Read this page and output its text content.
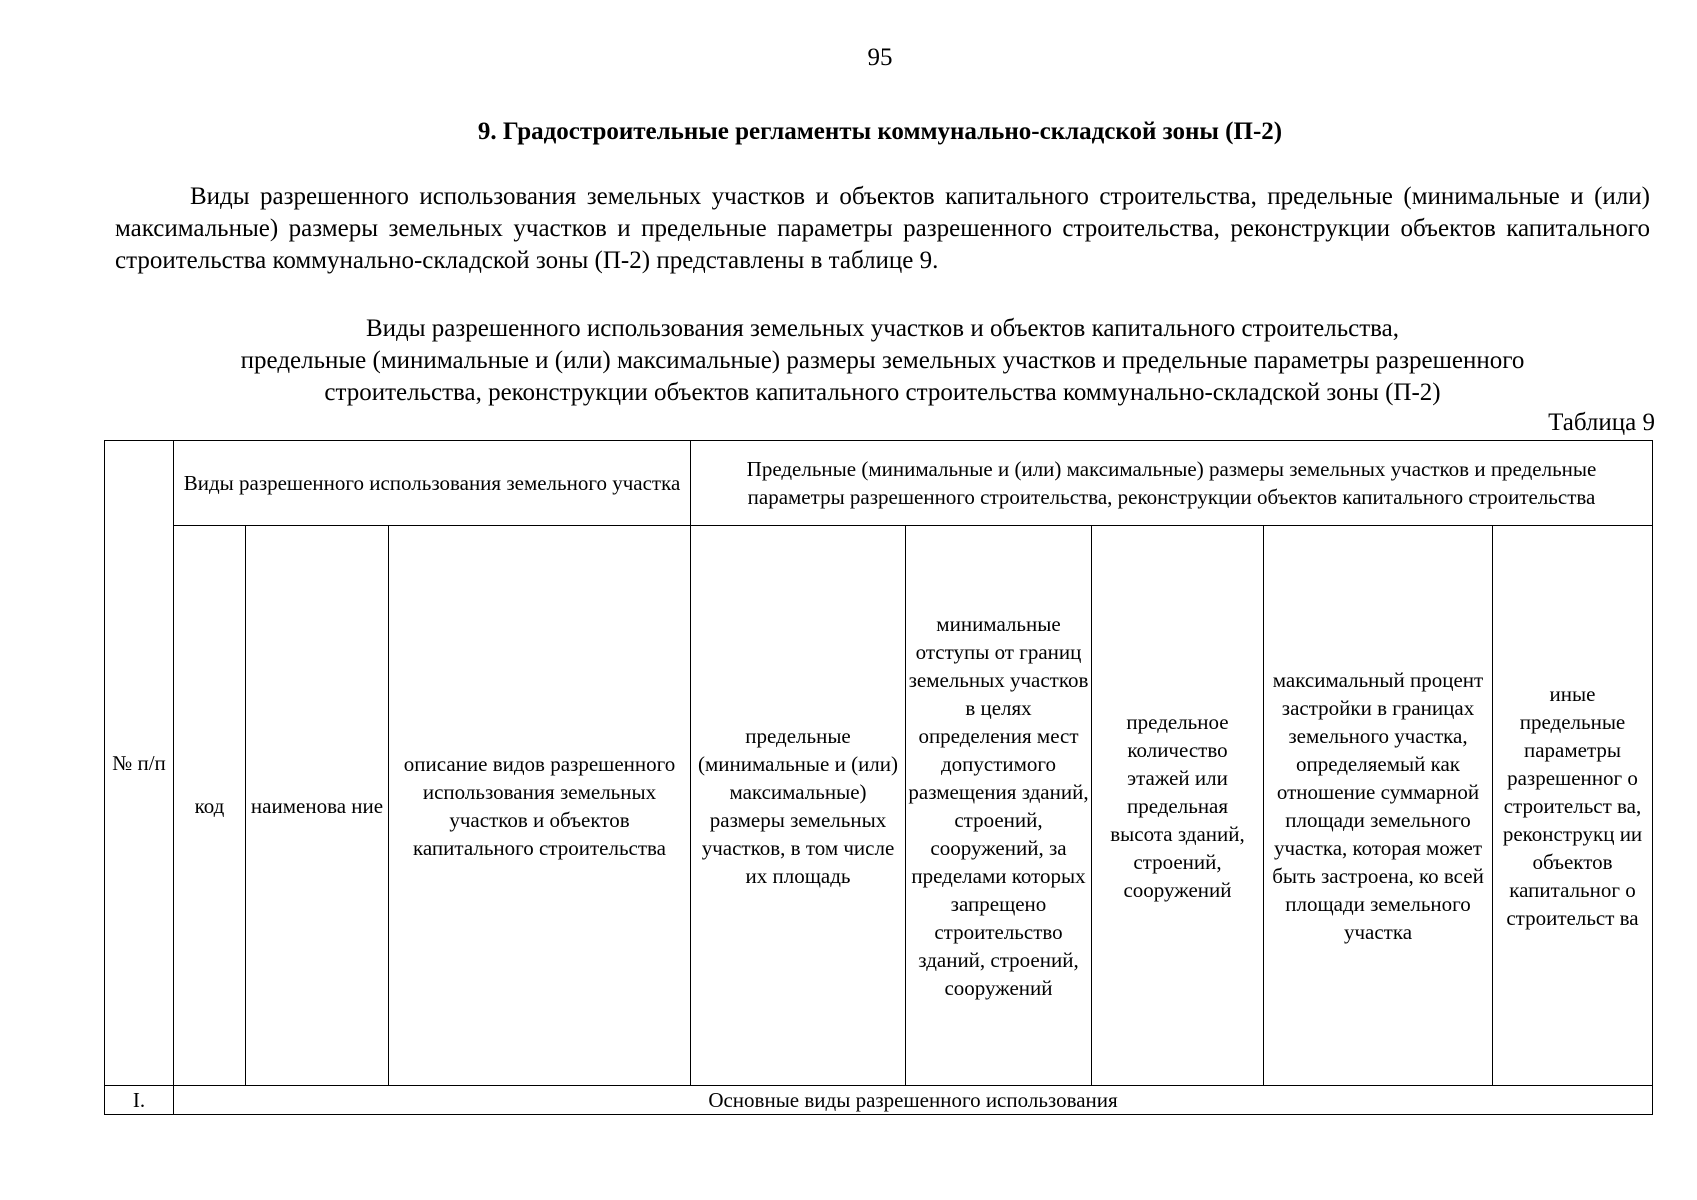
95
9. Градостроительные регламенты коммунально-складской зоны (П-2)

Виды разрешенного использования земельных участков и объектов капитального строительства, предельные (минимальные и (или) максимальные) размеры земельных участков и предельные параметры разрешенного строительства, реконструкции объектов капитального строительства коммунально-складской зоны (П-2) представлены в таблице 9.

Виды разрешенного использования земельных участков и объектов капитального строительства,
предельные (минимальные и (или) максимальные) размеры земельных участков и предельные параметры разрешенного
строительства, реконструкции объектов капитального строительства коммунально-складской зоны (П-2)
Таблица 9
№ п/п	Виды разрешенного использования земельного участка			Предельные (минимальные и (или) максимальные) размеры земельных участков и предельные параметры разрешенного строительства, реконструкции объектов капитального строительства				
	код	наименова ние	описание видов разрешенного использования земельных участков и объектов капитального строительства	предельные (минимальные и (или) максимальные) размеры земельных участков, в том числе их площадь	минимальные отступы от границ земельных участков в целях определения мест допустимого размещения зданий, строений, сооружений, за пределами которых запрещено строительство зданий, строений, сооружений	предельное количество этажей или предельная высота зданий, строений, сооружений	максимальный процент застройки в границах земельного участка, определяемый как отношение суммарной площади земельного участка, которая может быть застроена, ко всей площади земельного участка	иные предельные параметры разрешенног о строительст ва, реконструкц ии объектов капитальног о строительст ва
I.	Основные виды разрешенного использования							
